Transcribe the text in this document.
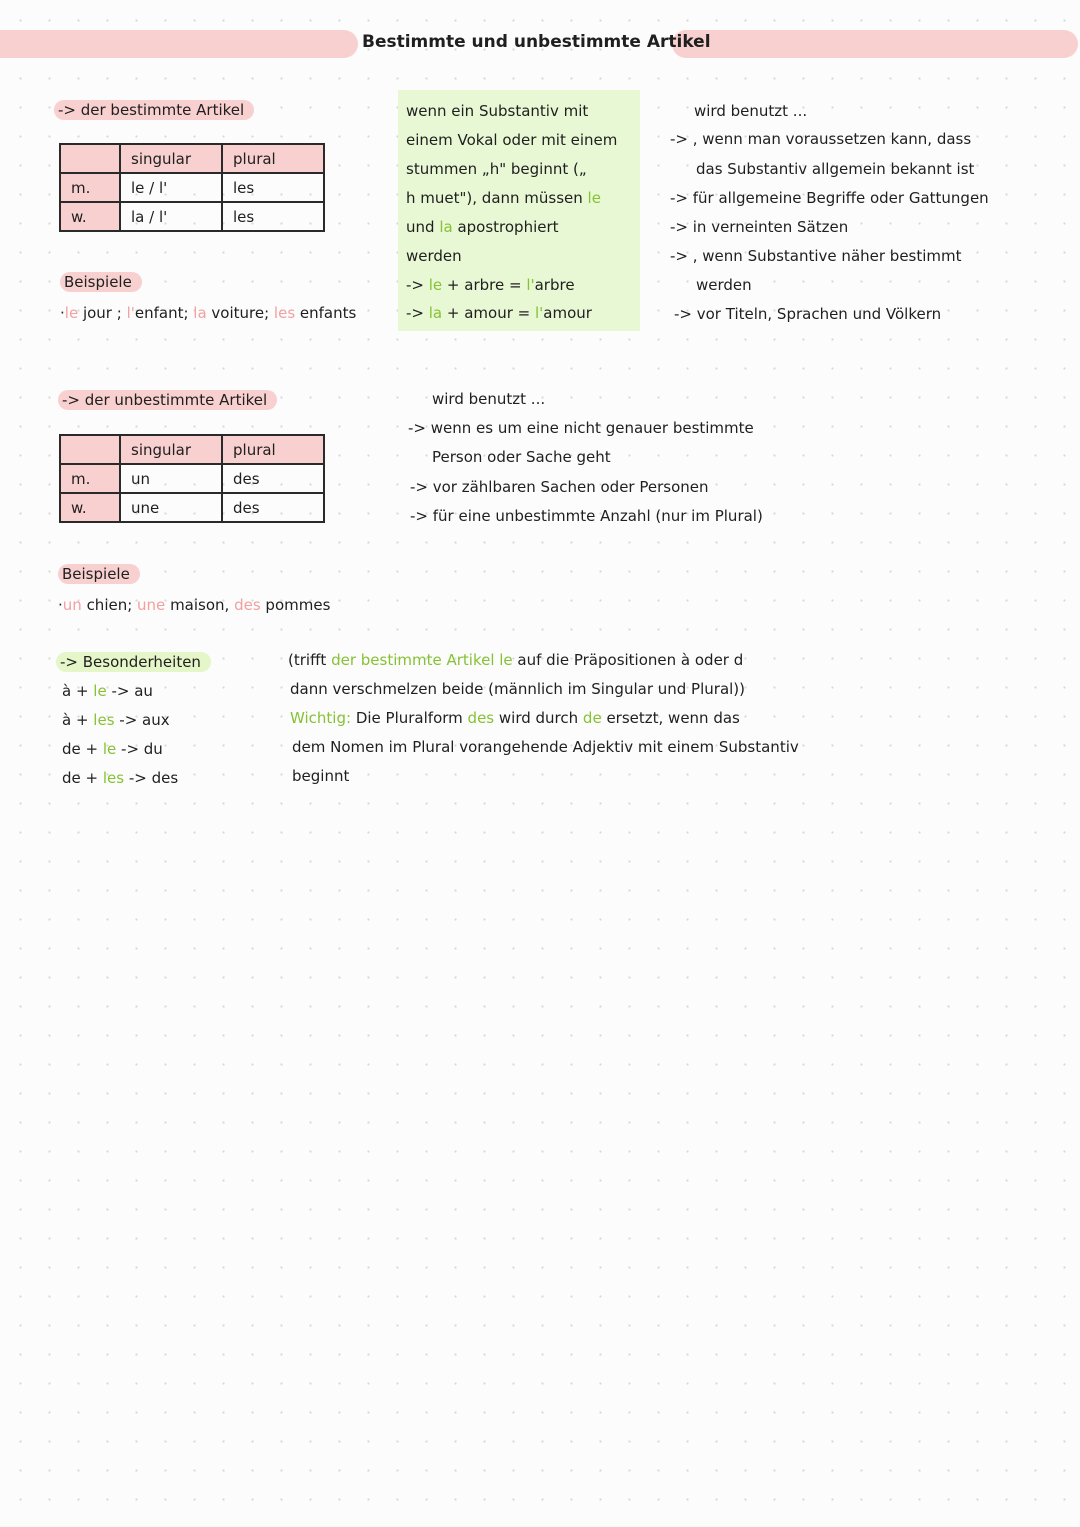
Bestimmte und unbestimmte Artikel
-> der bestimmte Artikel
	singular	plural
m.	le / l'	les
w.	la / l'	les
Beispiele
·le jour ; l'enfant; la voiture; les enfants
wenn ein Substantiv mit
einem Vokal oder mit einem
stummen „h" beginnt („
h muet"), dann müssen le
und la apostrophiert
werden
-> le + arbre = l'arbre
-> la + amour = l'amour
wird benutzt ...
-> , wenn man voraussetzen kann, dass
das Substantiv allgemein bekannt ist
-> für allgemeine Begriffe oder Gattungen
-> in verneinten Sätzen
-> , wenn Substantive näher bestimmt
werden
-> vor Titeln, Sprachen und Völkern
-> der unbestimmte Artikel
	singular	plural
m.	un	des
w.	une	des
wird benutzt ...
-> wenn es um eine nicht genauer bestimmte
Person oder Sache geht
-> vor zählbaren Sachen oder Personen
-> für eine unbestimmte Anzahl (nur im Plural)
Beispiele
·un chien; une maison, des pommes
-> Besonderheiten
à + le -> au
à + les -> aux
de + le -> du
de + les -> des
(trifft der bestimmte Artikel le auf die Präpositionen à oder d
dann verschmelzen beide (männlich im Singular und Plural))
Wichtig: Die Pluralform des wird durch de ersetzt, wenn das
dem Nomen im Plural vorangehende Adjektiv mit einem Substantiv
beginnt
